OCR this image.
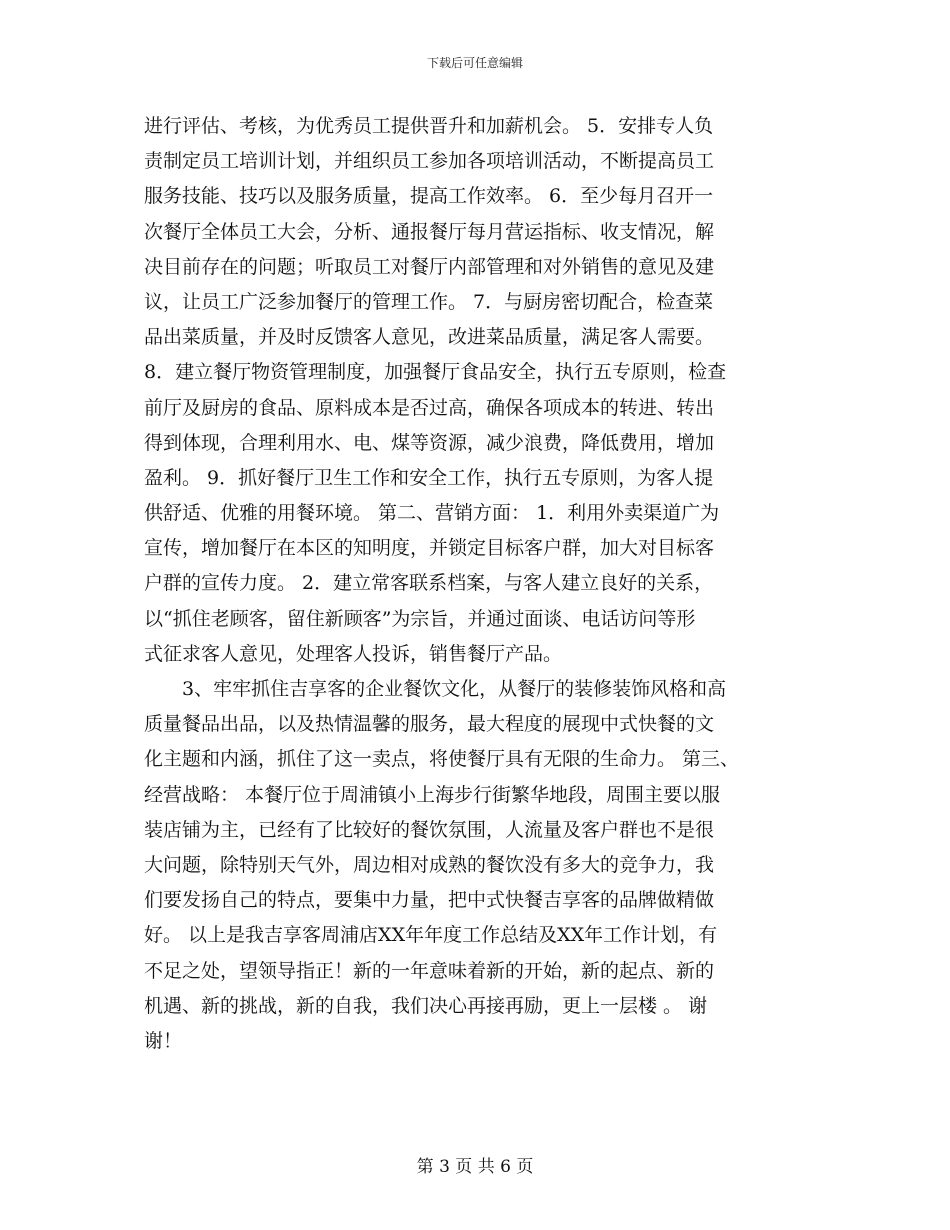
下载后可任意编辑
进行评估、考核，为优秀员工提供晋升和加薪机会。 5．安排专人负
责制定员工培训计划，并组织员工参加各项培训活动，不断提高员工
服务技能、技巧以及服务质量，提高工作效率。 6．至少每月召开一
次餐厅全体员工大会，分析、通报餐厅每月营运指标、收支情况，解
决目前存在的问题；听取员工对餐厅内部管理和对外销售的意见及建
议，让员工广泛参加餐厅的管理工作。 7．与厨房密切配合，检查菜
品出菜质量，并及时反馈客人意见，改进菜品质量，满足客人需要。
8．建立餐厅物资管理制度，加强餐厅食品安全，执行五专原则，检查
前厅及厨房的食品、原料成本是否过高，确保各项成本的转进、转出
得到体现，合理利用水、电、煤等资源，减少浪费，降低费用，增加
盈利。 9．抓好餐厅卫生工作和安全工作，执行五专原则，为客人提
供舒适、优雅的用餐环境。 第二、营销方面： 1．利用外卖渠道广为
宣传，增加餐厅在本区的知明度，并锁定目标客户群，加大对目标客
户群的宣传力度。 2．建立常客联系档案，与客人建立良好的关系，
以“抓住老顾客，留住新顾客”为宗旨，并通过面谈、电话访问等形
式征求客人意见，处理客人投诉，销售餐厅产品。
　　3、牢牢抓住吉享客的企业餐饮文化，从餐厅的装修装饰风格和高
质量餐品出品，以及热情温馨的服务，最大程度的展现中式快餐的文
化主题和内涵，抓住了这一卖点，将使餐厅具有无限的生命力。 第三、
经营战略： 本餐厅位于周浦镇小上海步行街繁华地段，周围主要以服
装店铺为主，已经有了比较好的餐饮氛围，人流量及客户群也不是很
大问题，除特别天气外，周边相对成熟的餐饮没有多大的竞争力，我
们要发扬自己的特点，要集中力量，把中式快餐吉享客的品牌做精做
好。 以上是我吉享客周浦店XX年年度工作总结及XX年工作计划，有
不足之处，望领导指正！新的一年意味着新的开始，新的起点、新的
机遇、新的挑战，新的自我，我们决心再接再励，更上一层楼 。 谢
谢！
第 3 页 共 6 页
